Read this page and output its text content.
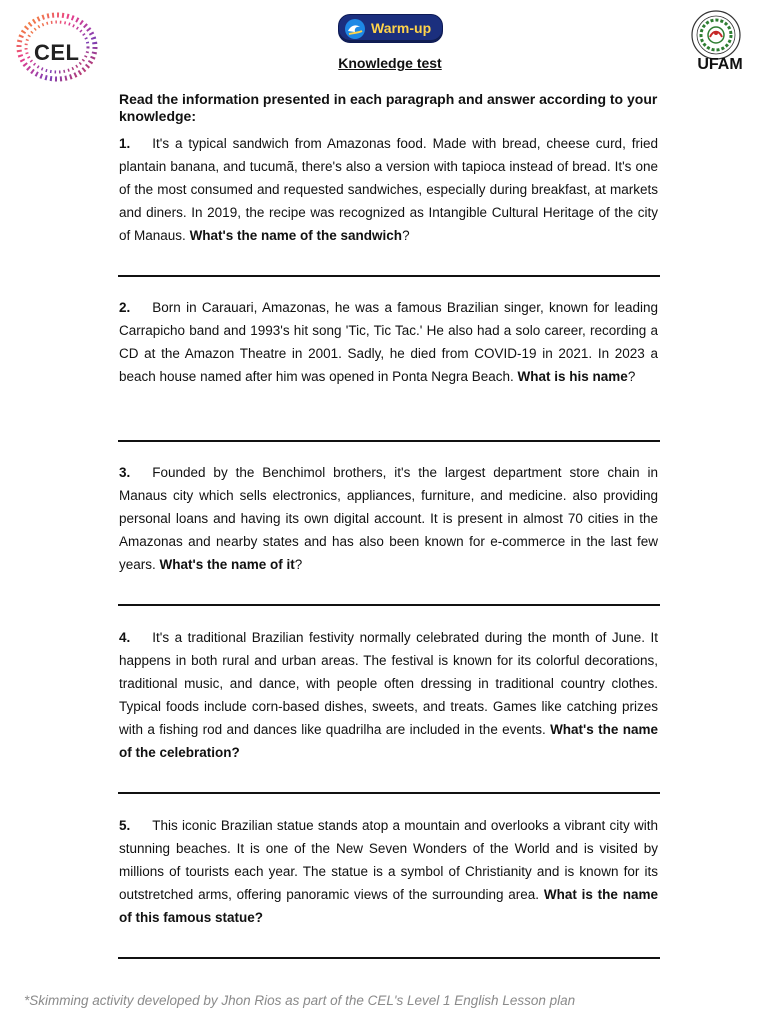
CEL
Warm-up
Knowledge test	UFAM
Read the information presented in each paragraph and answer according to your knowledge:
1. It's a typical sandwich from Amazonas food. Made with bread, cheese curd, fried plantain banana, and tucumã, there's also a version with tapioca instead of bread. It's one of the most consumed and requested sandwiches, especially during breakfast, at markets and diners. In 2019, the recipe was recognized as Intangible Cultural Heritage of the city of Manaus. What's the name of the sandwich?
2. Born in Carauari, Amazonas, he was a famous Brazilian singer, known for leading Carrapicho band and 1993's hit song 'Tic, Tic Tac.' He also had a solo career, recording a CD at the Amazon Theatre in 2001. Sadly, he died from COVID-19 in 2021. In 2023 a beach house named after him was opened in Ponta Negra Beach. What is his name?
3. Founded by the Benchimol brothers, it's the largest department store chain in Manaus city which sells electronics, appliances, furniture, and medicine. also providing personal loans and having its own digital account. It is present in almost 70 cities in the Amazonas and nearby states and has also been known for e-commerce in the last few years. What's the name of it?
4. It's a traditional Brazilian festivity normally celebrated during the month of June. It happens in both rural and urban areas. The festival is known for its colorful decorations, traditional music, and dance, with people often dressing in traditional country clothes. Typical foods include corn-based dishes, sweets, and treats. Games like catching prizes with a fishing rod and dances like quadrilha are included in the events. What's the name of the celebration?
5. This iconic Brazilian statue stands atop a mountain and overlooks a vibrant city with stunning beaches. It is one of the New Seven Wonders of the World and is visited by millions of tourists each year. The statue is a symbol of Christianity and is known for its outstretched arms, offering panoramic views of the surrounding area. What is the name of this famous statue?
*Skimming activity developed by Jhon Rios as part of the CEL's Level 1 English Lesson plan
